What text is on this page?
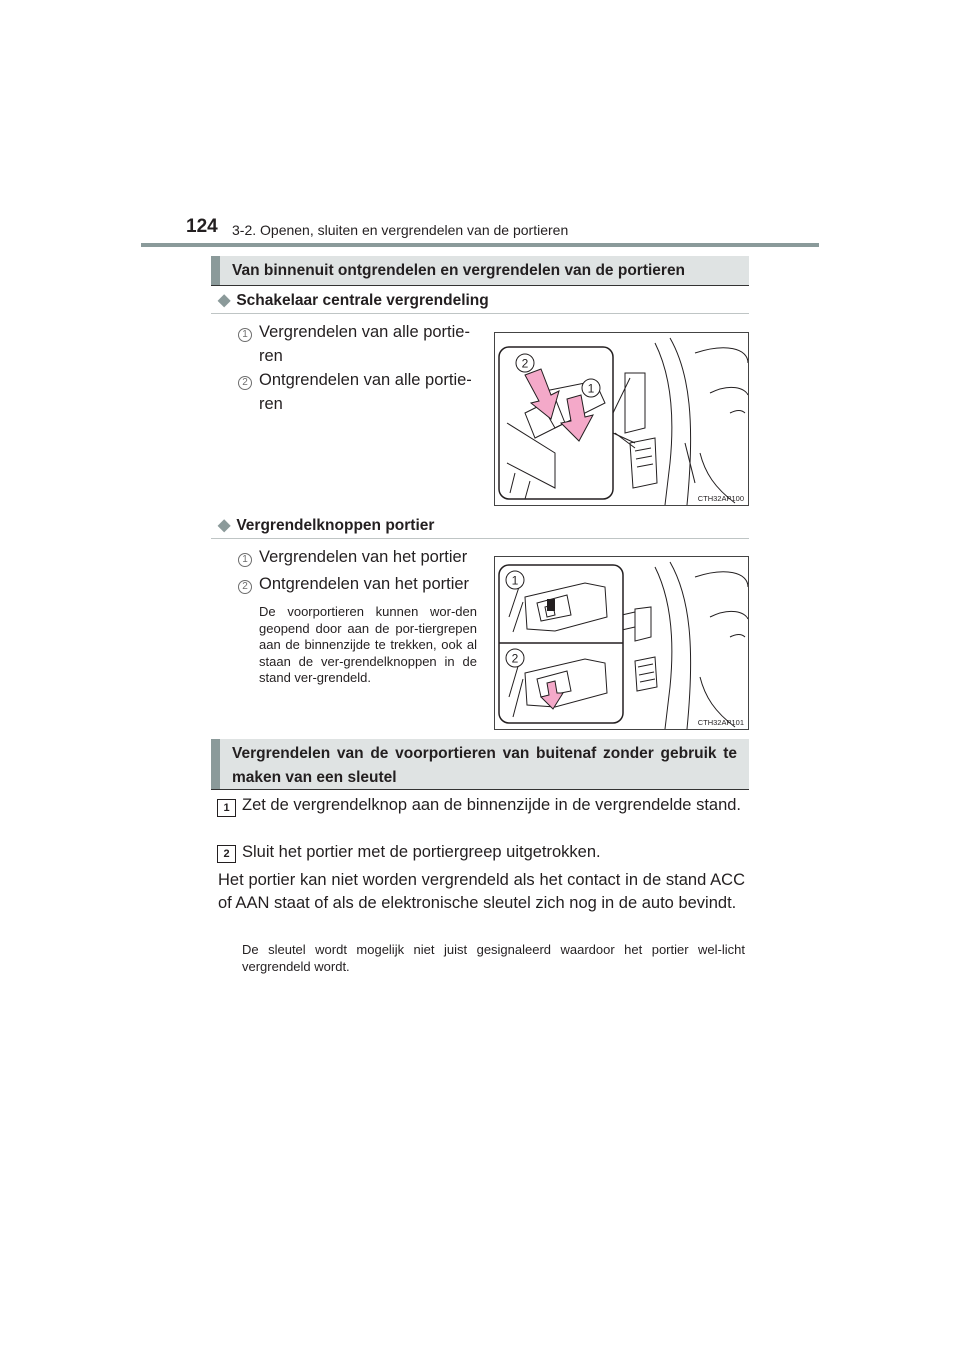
124 3-2. Openen, sluiten en vergrendelen van de portieren
Van binnenuit ontgrendelen en vergrendelen van de portieren
◆ Schakelaar centrale vergrendeling
1 Vergrendelen van alle portie-ren
2 Ontgrendelen van alle portie-ren
2
1
CTH32AP100
◆ Vergrendelknoppen portier
1 Vergrendelen van het portier
2 Ontgrendelen van het portier
De voorportieren kunnen wor-den geopend door aan de por-tiergrepen aan de binnenzijde te trekken, ook al staan de ver-grendelknoppen in de stand ver-grendeld.
1
2
CTH32AP101
Vergrendelen van de voorportieren van buitenaf zonder gebruik te maken van een sleutel
1 Zet de vergrendelknop aan de binnenzijde in de vergrendelde stand.
2 Sluit het portier met de portiergreep uitgetrokken.
Het portier kan niet worden vergrendeld als het contact in de stand ACC of AAN staat of als de elektronische sleutel zich nog in de auto bevindt.
De sleutel wordt mogelijk niet juist gesignaleerd waardoor het portier wel-licht vergrendeld wordt.
